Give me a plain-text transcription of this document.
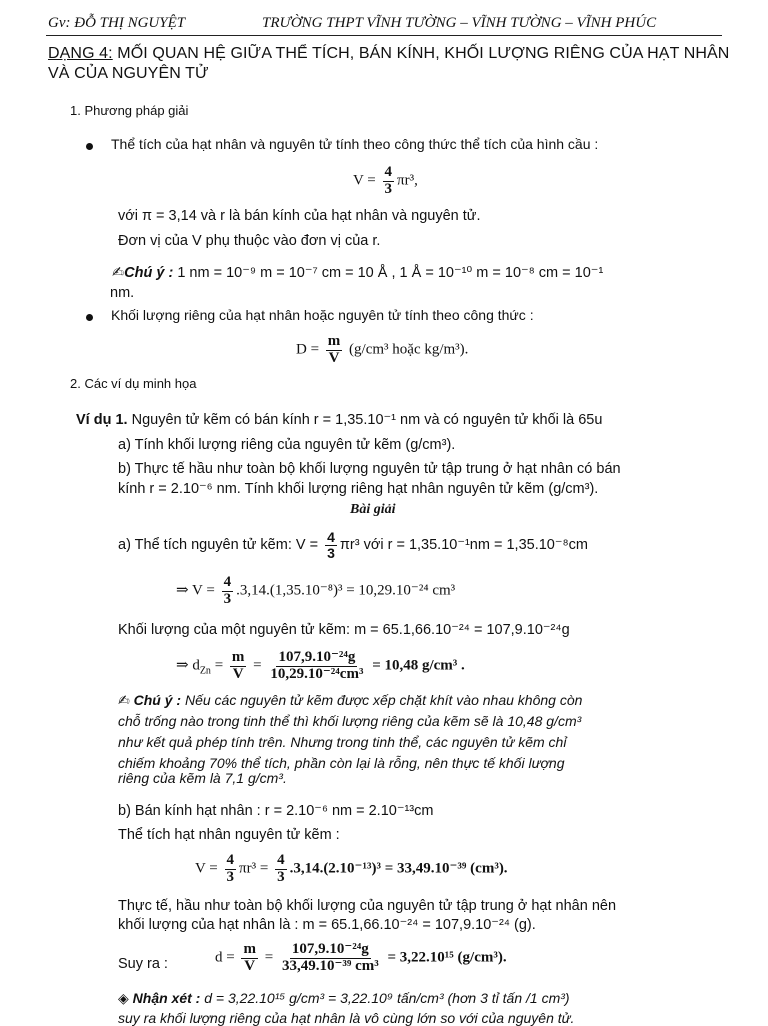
Gv: ĐỖ THỊ NGUYỆT	TRƯỜNG THPT VĨNH TƯỜNG – VĨNH TƯỜNG – VĨNH PHÚC
DẠNG 4: MỐI QUAN HỆ GIỮA THỂ TÍCH, BÁN KÍNH, KHỐI LƯỢNG RIÊNG CỦA HẠT NHÂN
VÀ CỦA NGUYÊN TỬ
1. Phương pháp giải
Thể tích của hạt nhân và nguyên tử tính theo công thức thể tích của hình cầu :
$V = \frac{4}{3} \pi r^3$,
với π = 3,14 và r là bán kính của hạt nhân và nguyên tử.
Đơn vị của V phụ thuộc vào đơn vị của r.
✍Chú ý : 1 nm = 10⁻⁹ m = 10⁻⁷ cm = 10 Å , 1 Å = 10⁻¹⁰ m = 10⁻⁸ cm = 10⁻¹
nm.
Khối lượng riêng của hạt nhân hoặc nguyên tử tính theo công thức :
$D = \frac{m}{V} (g/cm^3$ hoặc kg/m³).
2. Các ví dụ minh họa
Ví dụ 1. Nguyên tử kẽm có bán kính r = 1,35.10⁻¹ nm và có nguyên tử khối là 65u
a) Tính khối lượng riêng của nguyên tử kẽm (g/cm³).
b) Thực tế hầu như toàn bộ khối lượng nguyên tử tập trung ở hạt nhân có bán
kính r = 2.10⁻⁶ nm. Tính khối lượng riêng hạt nhân nguyên tử kẽm (g/cm³).
Bài giải
a) Thể tích nguyên tử kẽm: $V = \frac{4}{3} \pi r^3$ với r = 1,35.10⁻¹nm = 1,35.10⁻⁸cm
⇒ $V = \frac{4}{3} .3,14.(1,35.10^{-8})^3 = 10,29.10^{-24}$ cm³
Khối lượng của một nguyên tử kẽm: m = 65.1,66.10⁻²⁴ = 107,9.10⁻²⁴g
⇒ $d_{Zn} = \frac{m}{V} = \frac{\text{107,9.10⁻²⁴g}}{\text{10,29.10⁻²⁴cm³}} = 10,48$ g/cm³ .
✍ Chú ý : Nếu các nguyên tử kẽm được xếp chặt khít vào nhau không còn
chỗ trống nào trong tinh thể thì khối lượng riêng của kẽm sẽ là 10,48 g/cm³
như kết quả phép tính trên. Nhưng trong tinh thể, các nguyên tử kẽm chỉ
chiếm khoảng 70% thể tích, phần còn lại là rỗng, nên thực tế khối lượng
riêng của kẽm là 7,1 g/cm³.
b) Bán kính hạt nhân : r = 2.10⁻⁶ nm = 2.10⁻¹³cm
Thể tích hạt nhân nguyên tử kẽm :
$V = \frac{4}{3} \pi r^3 = \frac{4}{3} .3,14.(2.10^{-13})^3 = 33,49.10^{-39}$ (cm³).
Thực tế, hầu như toàn bộ khối lượng của nguyên tử tập trung ở hạt nhân nên
khối lượng của hạt nhân là : m = 65.1,66.10⁻²⁴ = 107,9.10⁻²⁴ (g).
Suy ra :	$d = \frac{m}{V} = \frac{\text{107,9.10⁻²⁴g}}{\text{33,49.10⁻³⁹ cm³}} = 3,22.10^{15}$ (g/cm³).
◈ Nhận xét : d = 3,22.10¹⁵ g/cm³ = 3,22.10⁹ tấn/cm³ (hơn 3 tỉ tấn /1 cm³)
suy ra khối lượng riêng của hạt nhân là vô cùng lớn so với của nguyên tử.
